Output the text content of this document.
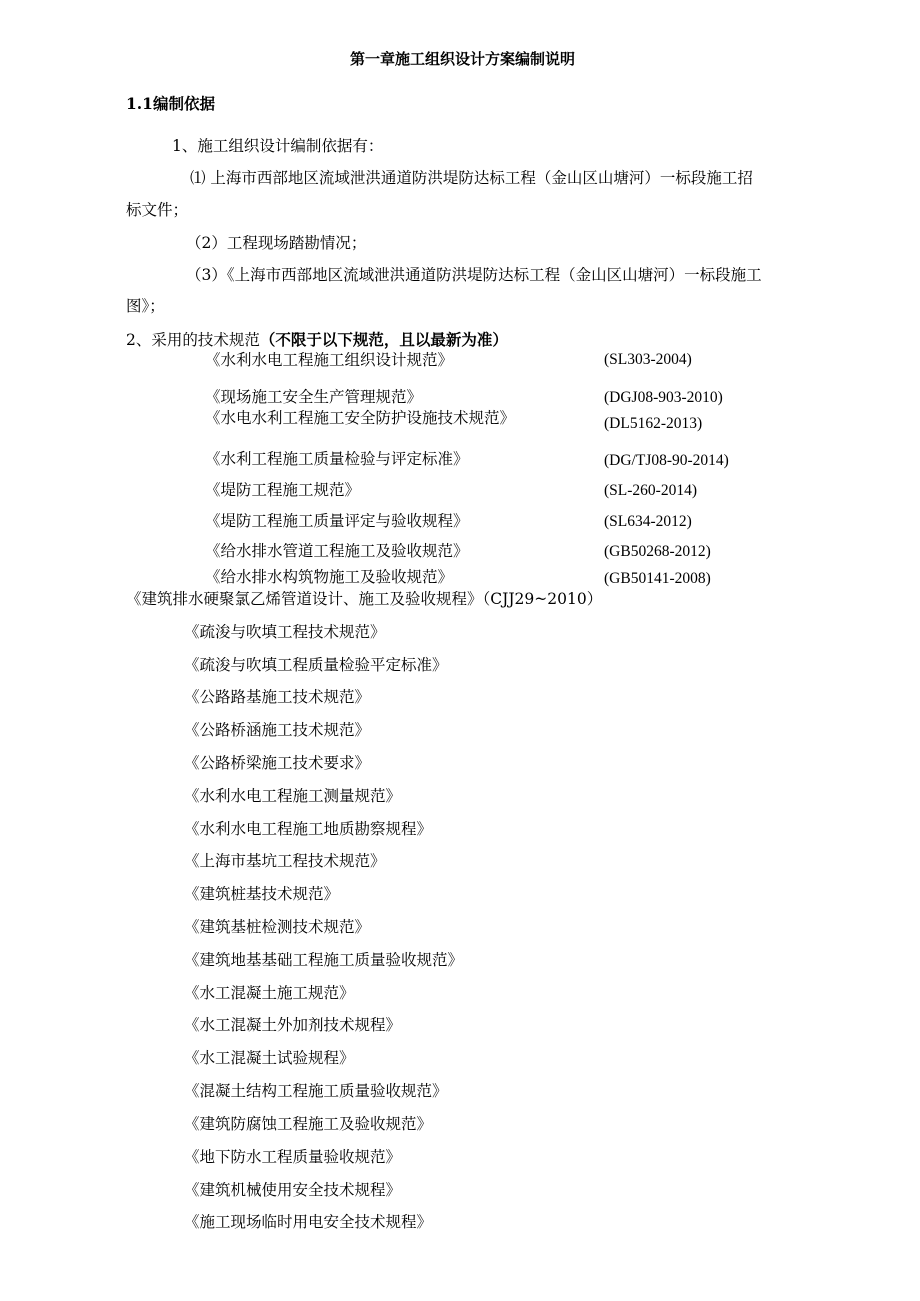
第一章施工组织设计方案编制说明
1.1编制依据
1、施工组织设计编制依据有：
⑴ 上海市西部地区流域泄洪通道防洪堤防达标工程（金山区山塘河）一标段施工招
标文件；
（2）工程现场踏勘情况；
（3）《上海市西部地区流域泄洪通道防洪堤防达标工程（金山区山塘河）一标段施工
图》；
2、采用的技术规范（不限于以下规范，且以最新为准）
《水利水电工程施工组织设计规范》	(SL303-2004)
《现场施工安全生产管理规范》	(DGJ08-903-2010)
《水电水利工程施工安全防护设施技术规范》	(DL5162-2013)
《水利工程施工质量检验与评定标准》	(DG/TJ08-90-2014)
《堤防工程施工规范》	(SL-260-2014)
《堤防工程施工质量评定与验收规程》	(SL634-2012)
《给水排水管道工程施工及验收规范》	(GB50268-2012)
《给水排水构筑物施工及验收规范》	(GB50141-2008)
《建筑排水硬聚氯乙烯管道设计、施工及验收规程》（CJJ29~2010）
《疏浚与吹填工程技术规范》
《疏浚与吹填工程质量检验平定标准》
《公路路基施工技术规范》
《公路桥涵施工技术规范》
《公路桥梁施工技术要求》
《水利水电工程施工测量规范》
《水利水电工程施工地质勘察规程》
《上海市基坑工程技术规范》
《建筑桩基技术规范》
《建筑基桩检测技术规范》
《建筑地基基础工程施工质量验收规范》
《水工混凝土施工规范》
《水工混凝土外加剂技术规程》
《水工混凝土试验规程》
《混凝土结构工程施工质量验收规范》
《建筑防腐蚀工程施工及验收规范》
《地下防水工程质量验收规范》
《建筑机械使用安全技术规程》
《施工现场临时用电安全技术规程》
